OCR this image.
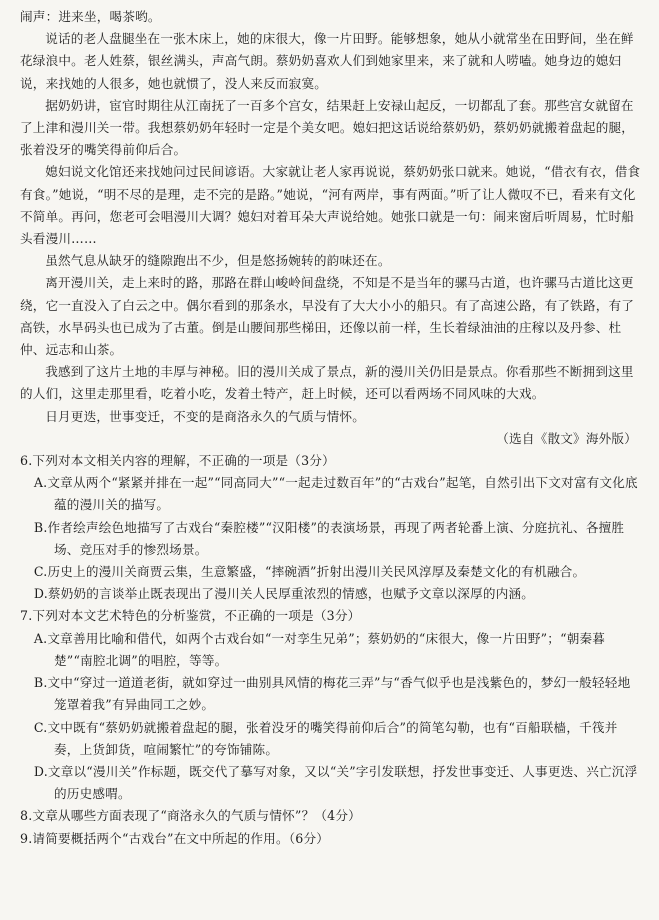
闹声：进来坐，喝茶哟。

说话的老人盘腿坐在一张木床上，她的床很大，像一片田野。能够想象，她从小就常坐在田野间，坐在鲜花绿浪中。老人姓蔡，银丝满头，声高气朗。蔡奶奶喜欢人们到她家里来，来了就和人唠嗑。她身边的媳妇说，来找她的人很多，她也就惯了，没人来反而寂寞。

据奶奶讲，宦官时期往从江南抚了一百多个宫女，结果赶上安禄山起反，一切都乱了套。那些宫女就留在了上津和漫川关一带。我想蔡奶奶年轻时一定是个美女吧。媳妇把这话说给蔡奶奶，蔡奶奶就搬着盘起的腿，张着没牙的嘴笑得前仰后合。

媳妇说文化馆还来找她问过民间谚语。大家就让老人家再说说，蔡奶奶张口就来。她说，“借衣有衣，借食有食。”她说，“明不尽的是理，走不完的是路。”她说，“河有两岸，事有两面。”听了让人微叹不已，看来有文化不简单。再问，您老可会唱漫川大调？媳妇对着耳朵大声说给她。她张口就是一句：闹来窗后听周易，忙时船头看漫川……

虽然气息从缺牙的缝隙跑出不少，但是悠扬婉转的韵味还在。

离开漫川关，走上来时的路，那路在群山峻岭间盘绕，不知是不是当年的骡马古道，也许骡马古道比这更绕，它一直没入了白云之中。偶尔看到的那条水，早没有了大大小小的船只。有了高速公路，有了铁路，有了高铁，水旱码头也已成为了古董。倒是山腰间那些梯田，还像以前一样，生长着绿油油的庄稼以及丹参、杜仲、远志和山茶。

我感到了这片土地的丰厚与神秘。旧的漫川关成了景点，新的漫川关仍旧是景点。你看那些不断拥到这里的人们，这里走那里看，吃着小吃，发着土特产，赶上时候，还可以看两场不同风味的大戏。

日月更迭，世事变迁，不变的是商洛永久的气质与情怀。

（选自《散文》海外版）
6.下列对本文相关内容的理解，不正确的一项是（3分）
A.文章从两个“紧紧并排在一起”“同高同大”“一起走过数百年”的“古戏台”起笔，自然引出下文对富有文化底蕴的漫川关的描写。
B.作者绘声绘色地描写了古戏台“秦腔楼”“汉阳楼”的表演场景，再现了两者轮番上演、分庭抗礼、各擅胜场、竞压对手的惨烈场景。
C.历史上的漫川关商贾云集，生意繁盛，“摔碗酒”折射出漫川关民风淳厚及秦楚文化的有机融合。
D.蔡奶奶的言谈举止既表现出了漫川关人民厚重浓烈的情感，也赋予文章以深厚的内涵。
7.下列对本文艺术特色的分析鉴赏，不正确的一项是（3分）
A.文章善用比喻和借代，如两个古戏台如“一对孪生兄弟”；蔡奶奶的“床很大，像一片田野”；“朝秦暮楚”“南腔北调”的唱腔，等等。
B.文中“穿过一道道老街，就如穿过一曲别具风情的梅花三弄”与“香气似乎也是浅紫色的，梦幻一般轻轻地笼罩着我”有异曲同工之妙。
C.文中既有“蔡奶奶就搬着盘起的腿，张着没牙的嘴笑得前仰后合”的简笔勾勒，也有“百船联樯，千筏并奏，上货卸货，喧闹繁忙”的夸饰铺陈。
D.文章以“漫川关”作标题，既交代了摹写对象，又以“关”字引发联想，抒发世事变迁、人事更迭、兴亡沉浮的历史感喟。
8.文章从哪些方面表现了“商洛永久的气质与情怀”？（4分）
9.请简要概括两个“古戏台”在文中所起的作用。（6分）
